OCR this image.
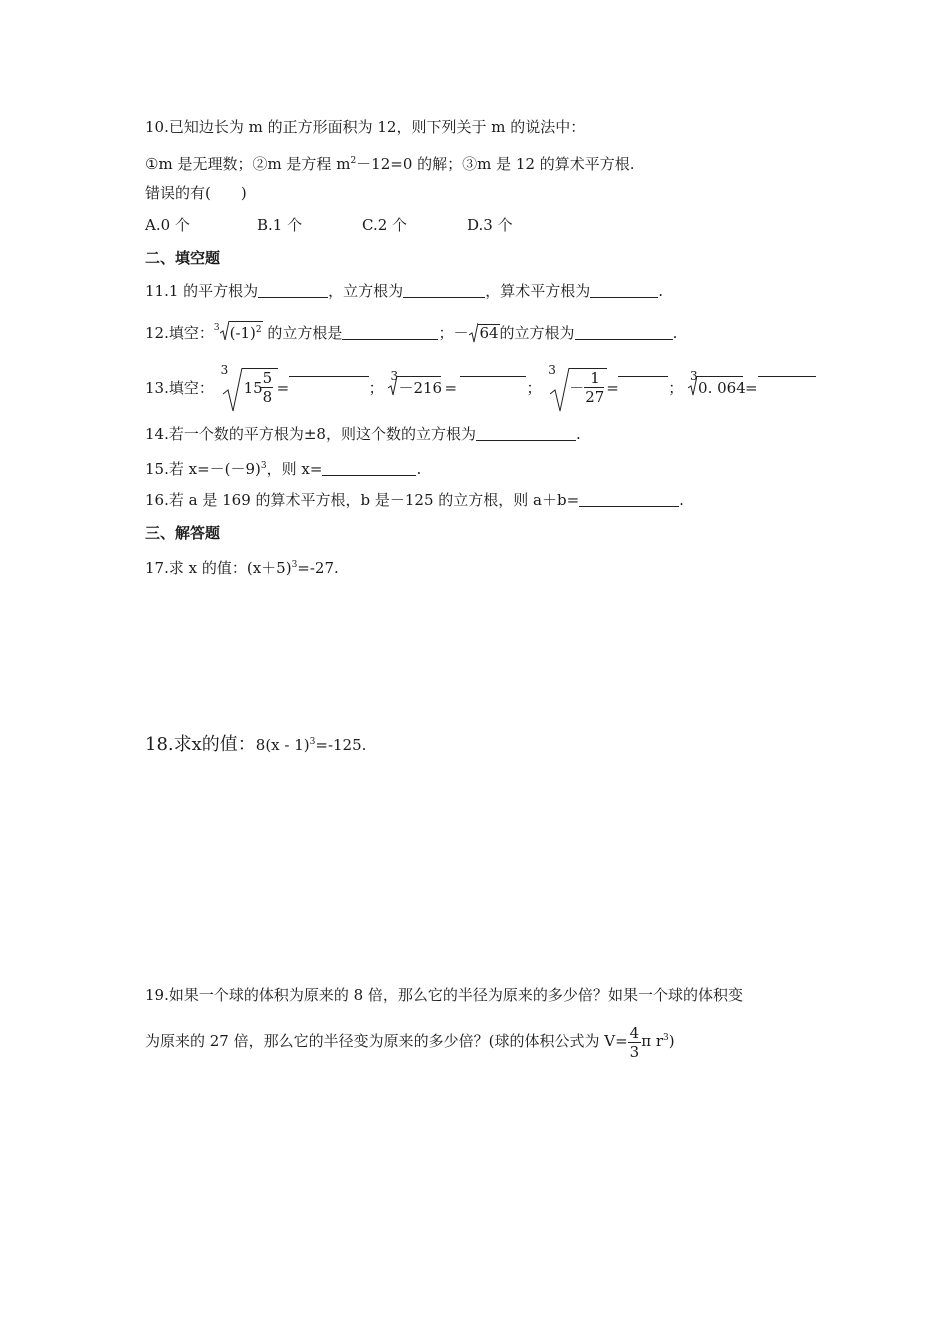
10.已知边长为 m 的正方形面积为 12，则下列关于 m 的说法中：
①m 是无理数；②m 是方程 $m^2-12=0$ 的解；③m 是 12 的算术平方根.
错误的有(　　)
A.0 个	B.1 个	C.2 个	D.3 个
二、填空题
11.1 的平方根为	，立方根为	，算术平方根为	.
12.填空：$^3$ $(-1)^2$ 的立方根是	；－ 64的立方根为	.
13.填空：
3
15
5
8 =	；
3
－216 =	；
3
－
1
27 =	；
3
0. 064 =
14.若一个数的平方根为±8，则这个数的立方根为	.
15.若 $x=-(-9)^3$，则 x=	.
16.若 a 是 169 的算术平方根，b 是－125 的立方根，则 a＋b=	.
三、解答题
17.求 x 的值：$(x+5)^3=-27$.
18.求x的值：8(x - 1)$^3$=-125.
19.如果一个球的体积为原来的 8 倍，那么它的半径为原来的多少倍？如果一个球的体积变
为原来的 27 倍，那么它的半径变为原来的多少倍？(球的体积公式为 $V= \frac{4}{3}$ π $r^3$)
